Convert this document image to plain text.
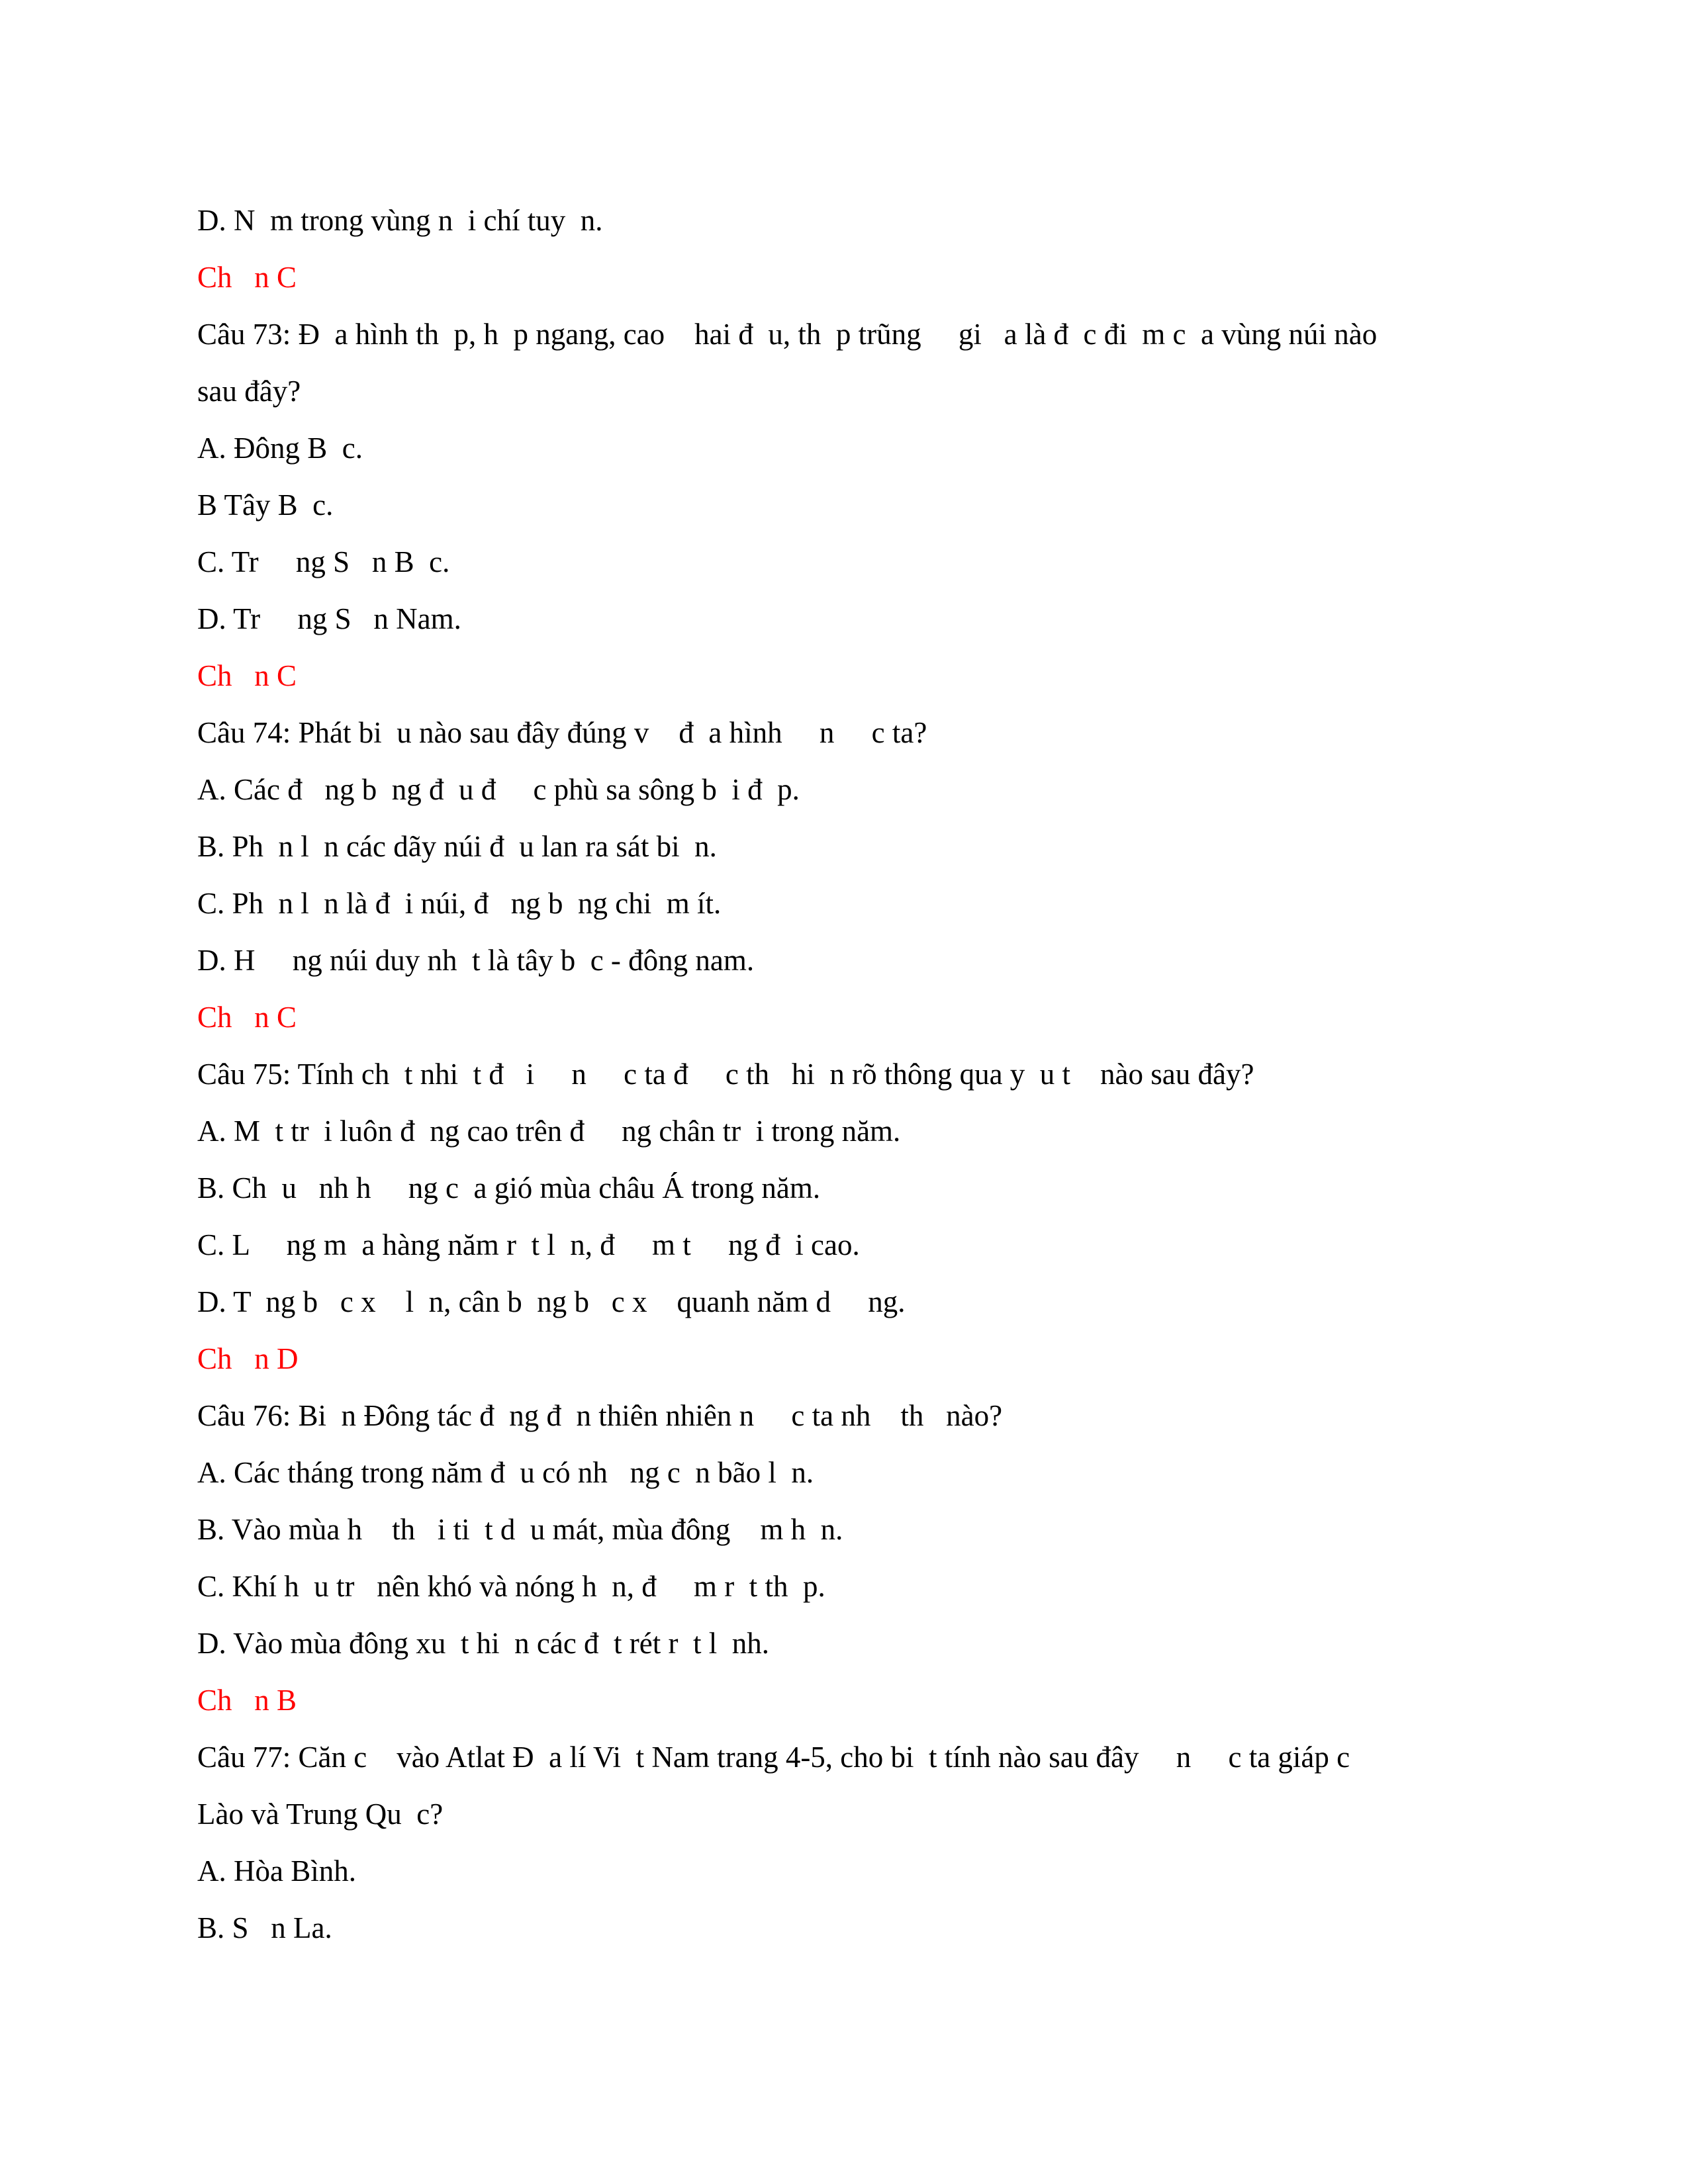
D. N  m trong vùng n  i chí tuy  n.
Ch   n C
Câu 73: Đ  a hình th  p, h  p ngang, cao    hai đ  u, th  p trũng     gi   a là đ  c đi  m c  a vùng núi nào
sau đây?
A. Đông B  c.
B Tây B  c.
C. Tr     ng S   n B  c.
D. Tr     ng S   n Nam.
Ch   n C
Câu 74: Phát bi  u nào sau đây đúng v    đ  a hình     n     c ta?
A. Các đ   ng b  ng đ  u đ     c phù sa sông b  i đ  p.
B. Ph  n l  n các dãy núi đ  u lan ra sát bi  n.
C. Ph  n l  n là đ  i núi, đ   ng b  ng chi  m ít.
D. H     ng núi duy nh  t là tây b  c - đông nam.
Ch   n C
Câu 75: Tính ch  t nhi  t đ   i     n     c ta đ     c th   hi  n rõ thông qua y  u t    nào sau đây?
A. M  t tr  i luôn đ  ng cao trên đ     ng chân tr  i trong năm.
B. Ch  u   nh h     ng c  a gió mùa châu Á trong năm.
C. L     ng m  a hàng năm r  t l  n, đ     m t     ng đ  i cao.
D. T  ng b   c x    l  n, cân b  ng b   c x    quanh năm d     ng.
Ch   n D
Câu 76: Bi  n Đông tác đ  ng đ  n thiên nhiên n     c ta nh    th   nào?
A. Các tháng trong năm đ  u có nh   ng c  n bão l  n.
B. Vào mùa h    th   i ti  t d  u mát, mùa đông    m h  n.
C. Khí h  u tr   nên khó và nóng h  n, đ     m r  t th  p.
D. Vào mùa đông xu  t hi  n các đ  t rét r  t l  nh.
Ch   n B
Câu 77: Căn c    vào Atlat Đ  a lí Vi  t Nam trang 4-5, cho bi  t tính nào sau đây     n     c ta giáp c
Lào và Trung Qu  c?
A. Hòa Bình.
B. S   n La.
